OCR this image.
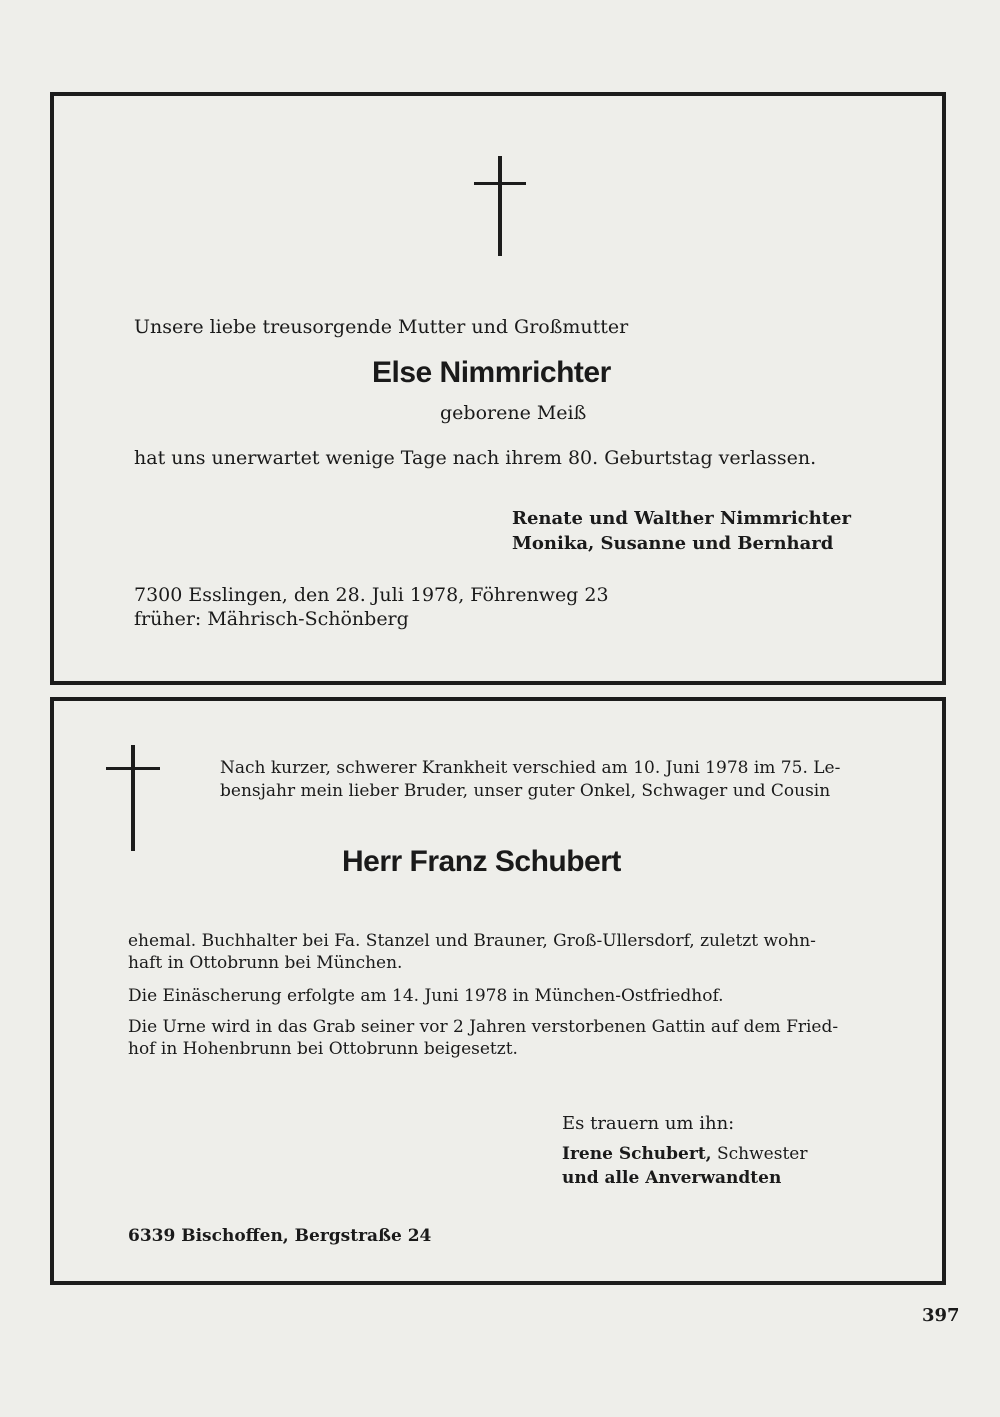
Unsere liebe treusorgende Mutter und Großmutter
Else Nimmrichter
geborene Meiß
hat uns unerwartet wenige Tage nach ihrem 80. Geburtstag verlassen.
Renate und Walther Nimmrichter
Monika, Susanne und Bernhard
7300 Esslingen, den 28. Juli 1978, Föhrenweg 23
früher: Mährisch-Schönberg
Nach kurzer, schwerer Krankheit verschied am 10. Juni 1978 im 75. Le-
bensjahr mein lieber Bruder, unser guter Onkel, Schwager und Cousin
Herr Franz Schubert
ehemal. Buchhalter bei Fa. Stanzel und Brauner, Groß-Ullersdorf, zuletzt wohn-
haft in Ottobrunn bei München.
Die Einäscherung erfolgte am 14. Juni 1978 in München-Ostfriedhof.
Die Urne wird in das Grab seiner vor 2 Jahren verstorbenen Gattin auf dem Fried-
hof in Hohenbrunn bei Ottobrunn beigesetzt.
Es trauern um ihn:
Irene Schubert, Schwester
und alle Anverwandten
6339 Bischoffen, Bergstraße 24
397
